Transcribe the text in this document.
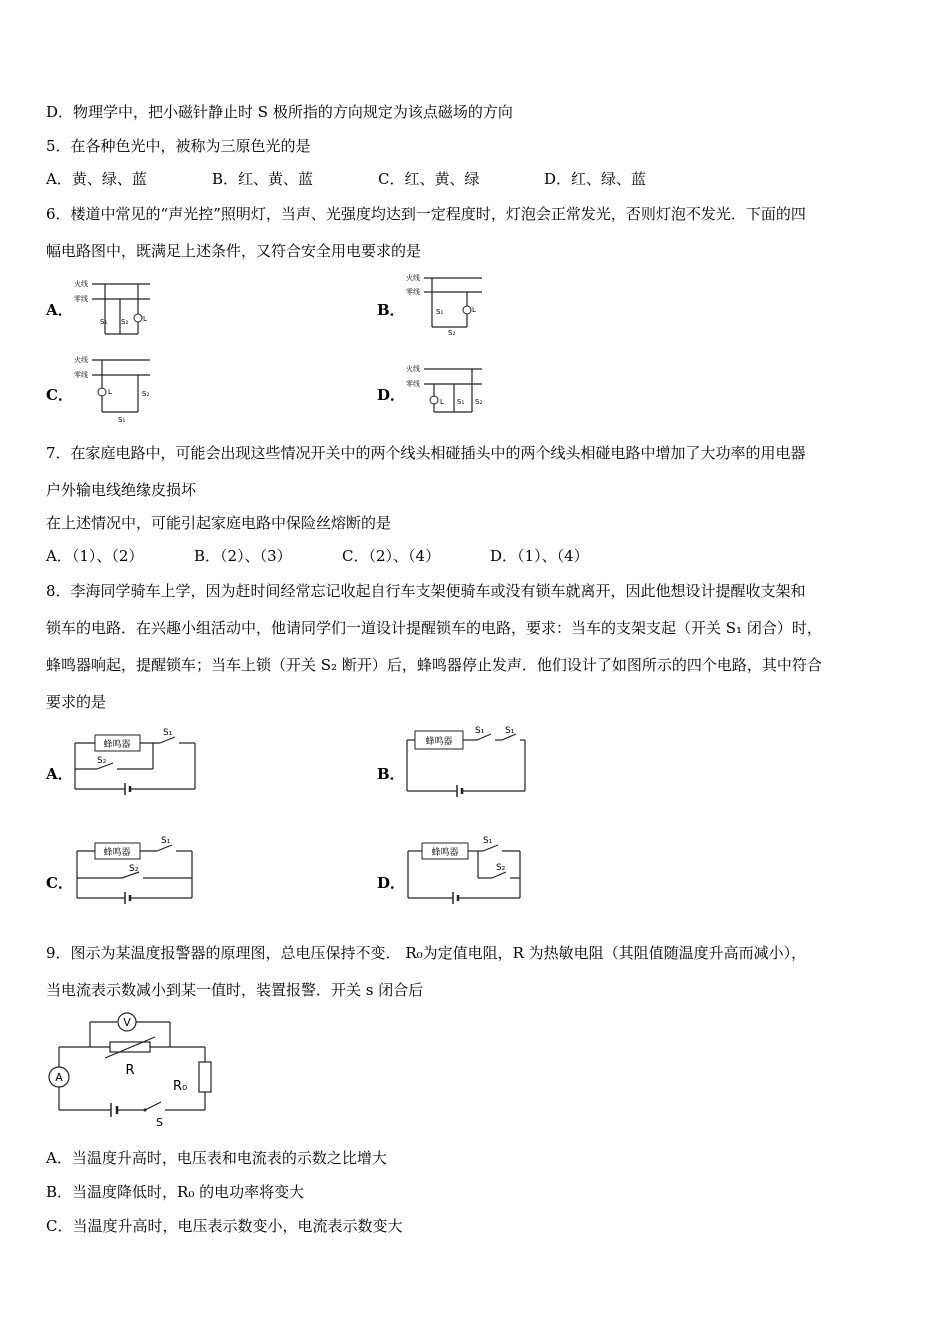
D．物理学中，把小磁针静止时 S 极所指的方向规定为该点磁场的方向
5．在各种色光中，被称为三原色光的是
A．黄、绿、蓝	B．红、黄、蓝	C．红、黄、绿	D．红、绿、蓝
6．楼道中常见的“声光控”照明灯，当声、光强度均达到一定程度时，灯泡会正常发光，否则灯泡不发光．下面的四
幅电路图中，既满足上述条件，又符合安全用电要求的是
A．	B．
C．	D．
火线
零线
S₁ S₂ L
火线
零线
S₁
S₂
L
火线
零线
L	S₂
S₁
火线
零线
L S₁ S₂
7．在家庭电路中，可能会出现这些情况开关中的两个线头相碰插头中的两个线头相碰电路中增加了大功率的用电器
户外输电线绝缘皮损坏
在上述情况中，可能引起家庭电路中保险丝熔断的是
A．（1）、（2）	B．（2）、（3）	C．（2）、（4）	D．（1）、（4）
8．李海同学骑车上学，因为赶时间经常忘记收起自行车支架便骑车或没有锁车就离开，因此他想设计提醒收支架和
锁车的电路．在兴趣小组活动中，他请同学们一道设计提醒锁车的电路，要求：当车的支架支起（开关 S₁ 闭合）时，
蜂鸣器响起，提醒锁车；当车上锁（开关 S₂ 断开）后，蜂鸣器停止发声．他们设计了如图所示的四个电路，其中符合
要求的是
A．	B．
C．	D．
蜂鸣器
S₁
S₂
蜂鸣器
S₁ S₁
蜂鸣器
S₁
S₂
蜂鸣器
S₁
S₂
9．图示为某温度报警器的原理图，总电压保持不变． R₀为定值电阻，R 为热敏电阻（其阻值随温度升高而减小），
当电流表示数减小到某一值时，装置报警．开关 s 闭合后
V
R
R₀
A
S
A．当温度升高时，电压表和电流表的示数之比增大
B．当温度降低时，R₀ 的电功率将变大
C．当温度升高时，电压表示数变小，电流表示数变大
